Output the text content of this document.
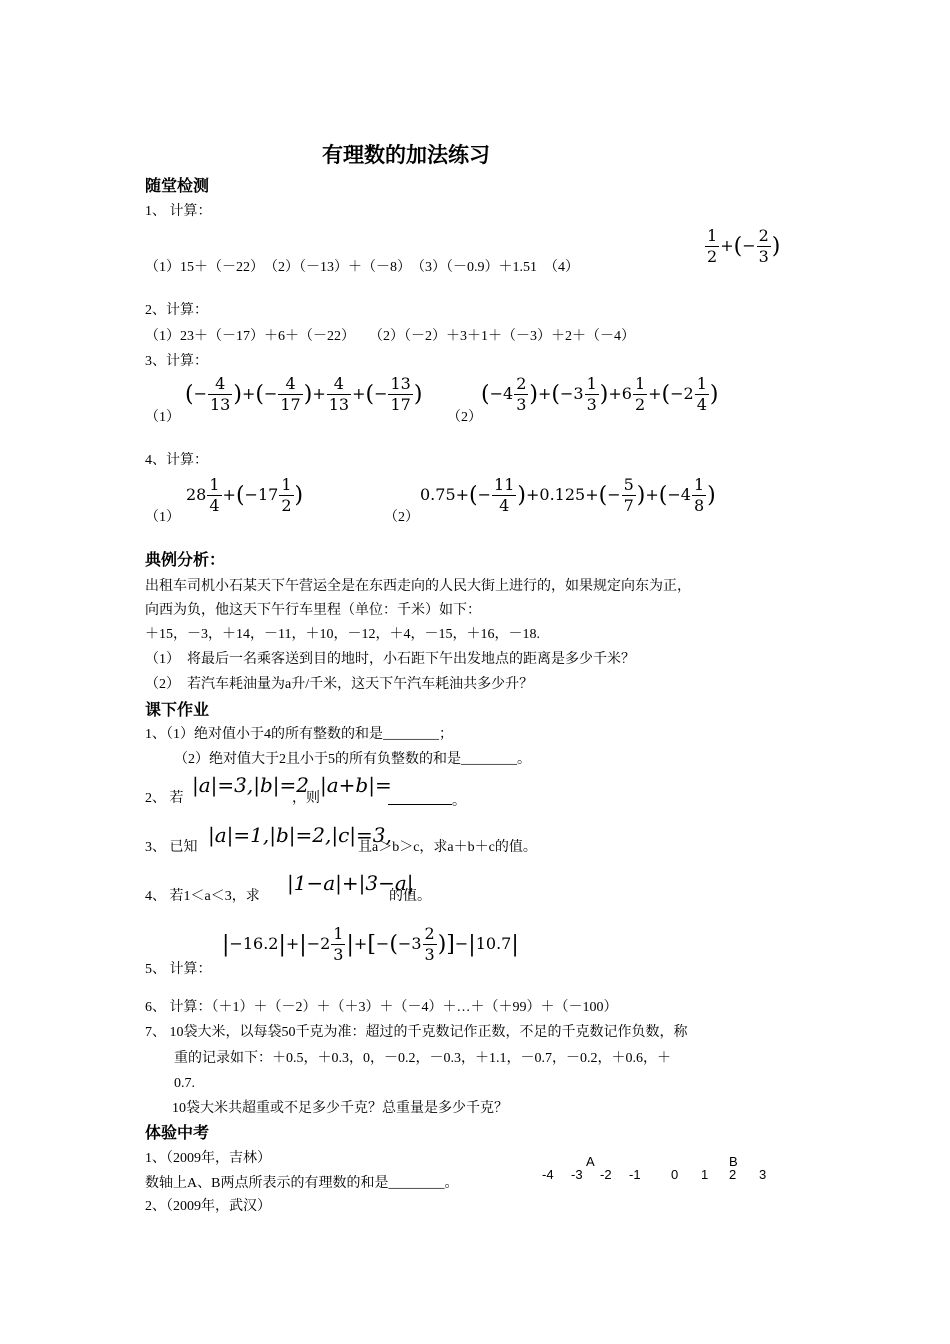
有理数的加法练习
随堂检测
1、 计算：
（1）15＋（－22）　（2）（－13）＋（－8）　（3）（－0.9）＋1.51　（4）
$\frac{1}{2}$ +(− $\frac{2}{3}$ )
2、计算：
（1）23＋（－17）＋6＋（－22）　　（2）（－2）＋3＋1＋（－3）＋2＋（－4）
3、计算：
（1）
(− $\frac{4}{13}$ )+(− $\frac{4}{17}$ )+ $\frac{4}{13}$ +(− $\frac{13}{17}$ )
（2）
$(-4 \frac{2}{3} )+(-3 \frac{1}{3} )+6 \frac{1}{2} +(-2 \frac{1}{4}$ )
4、计算：
（1）
$28 \frac{1}{4} +(-17 \frac{1}{2}$ )
（2）
$0.75+(- \frac{11}{4} )+0.125+(- \frac{5}{7} )+(-4 \frac{1}{8}$ )
典例分析：
出租车司机小石某天下午营运全是在东西走向的人民大街上进行的，如果规定向东为正，
向西为负，他这天下午行车里程（单位：千米）如下：
＋15，－3，＋14，－11，＋10，－12，＋4，－15，＋16，－18.
（1）　将最后一名乘客送到目的地时，小石距下午出发地点的距离是多少千米？
（2）　若汽车耗油量为a升/千米，这天下午汽车耗油共多少升？
课下作业
1、（1）绝对值小于4的所有整数的和是________；
（2）绝对值大于2且小于5的所有负整数的和是________。
2、 若
|a|=3,|b|=2
，则
|a+b|=
。
3、 已知
|a|=1,|b|=2,|c|=3,
且a＞b＞c，求a＋b＋c的值。
4、 若1＜a＜3，求
|1−a|+|3−a|
的值。
5、 计算：
$|-16.2|+|-2 \frac{1}{3} |+[-(-3 \frac{2}{3} )]-|10.7|$
6、 计算：（＋1）＋（－2）＋（＋3）＋（－4）＋…＋（＋99）＋（－100）
7、 10袋大米，以每袋50千克为准：超过的千克数记作正数，不足的千克数记作负数，称
重的记录如下：＋0.5，＋0.3，0，－0.2，－0.3，＋1.1，－0.7，－0.2，＋0.6，＋
0.7.
10袋大米共超重或不足多少千克？总重量是多少千克？
体验中考
1、（2009年，吉林）
数轴上A、B两点所表示的有理数的和是________。
2、（2009年，武汉）
A	B
-4 -3 -2 -1 0 1 2 3
